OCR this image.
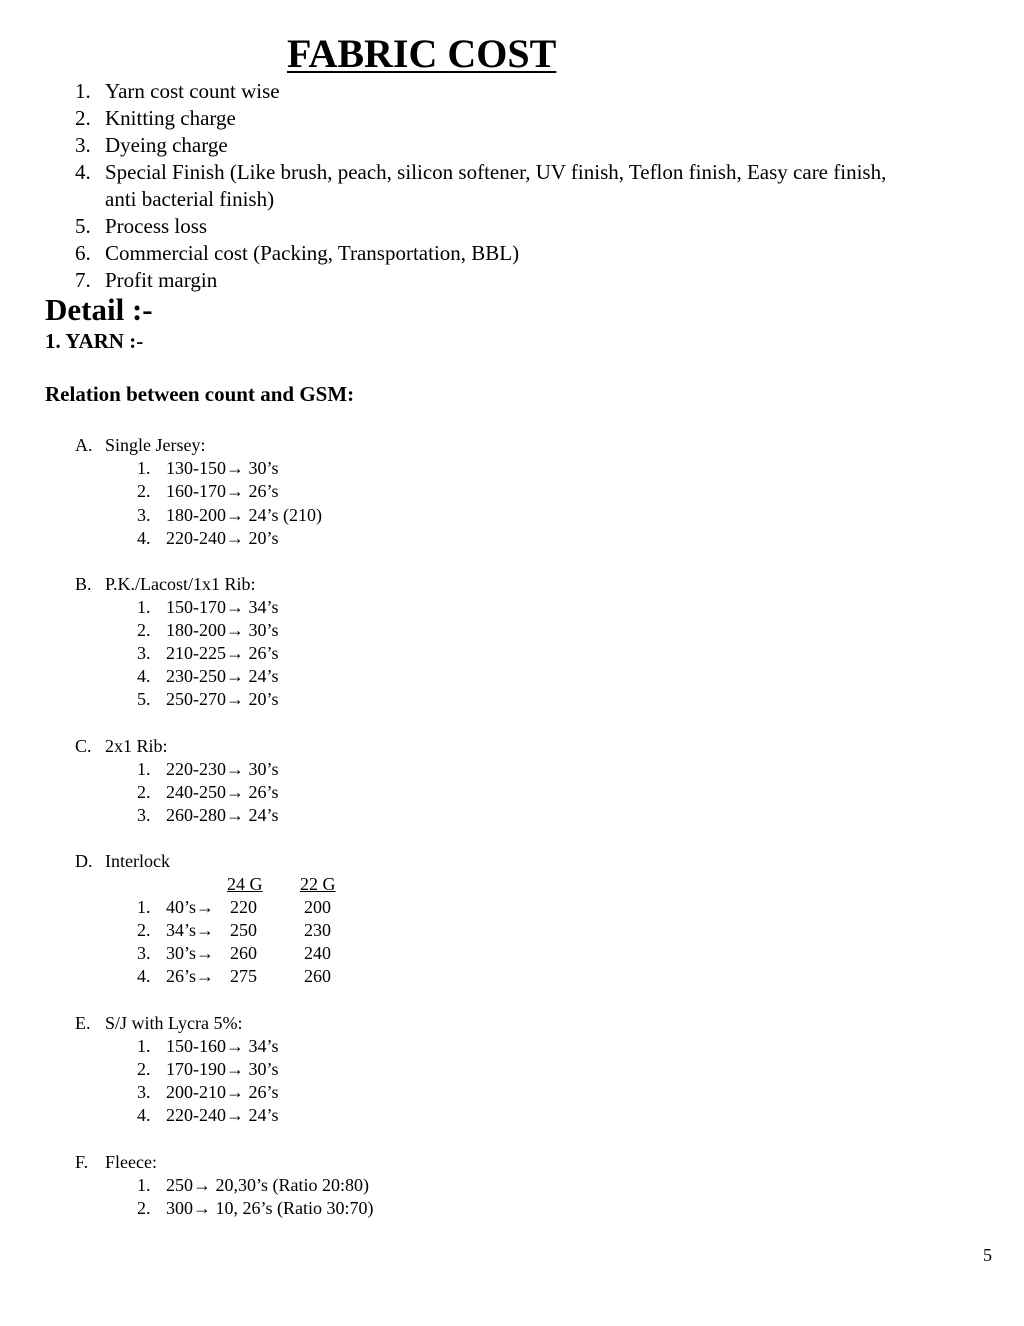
FABRIC COST
1. Yarn cost count wise
2. Knitting charge
3. Dyeing charge
4. Special Finish (Like brush, peach, silicon softener, UV finish, Teflon finish, Easy care finish,
anti bacterial finish)
5. Process loss
6. Commercial cost (Packing, Transportation, BBL)
7. Profit margin
Detail :-
1. YARN :-
Relation between count and GSM:
A. Single Jersey:
1. 130-150→ 30’s
2. 160-170→ 26’s
3. 180-200→ 24’s (210)
4. 220-240→ 20’s
B. P.K./Lacost/1x1 Rib:
1. 150-170→ 34’s
2. 180-200→ 30’s
3. 210-225→ 26’s
4. 230-250→ 24’s
5. 250-270→ 20’s
C. 2x1 Rib:
1. 220-230→ 30’s
2. 240-250→ 26’s
3. 260-280→ 24’s
D. Interlock
24 G 22 G
1. 40’s→ 220	200
2. 34’s→ 250	230
3. 30’s→ 260	240
4. 26’s→ 275	260
E. S/J with Lycra 5%:
1. 150-160→ 34’s
2. 170-190→ 30’s
3. 200-210→ 26’s
4. 220-240→ 24’s
F. Fleece:
1. 250→ 20,30’s (Ratio 20:80)
2. 300→ 10, 26’s (Ratio 30:70)
5
